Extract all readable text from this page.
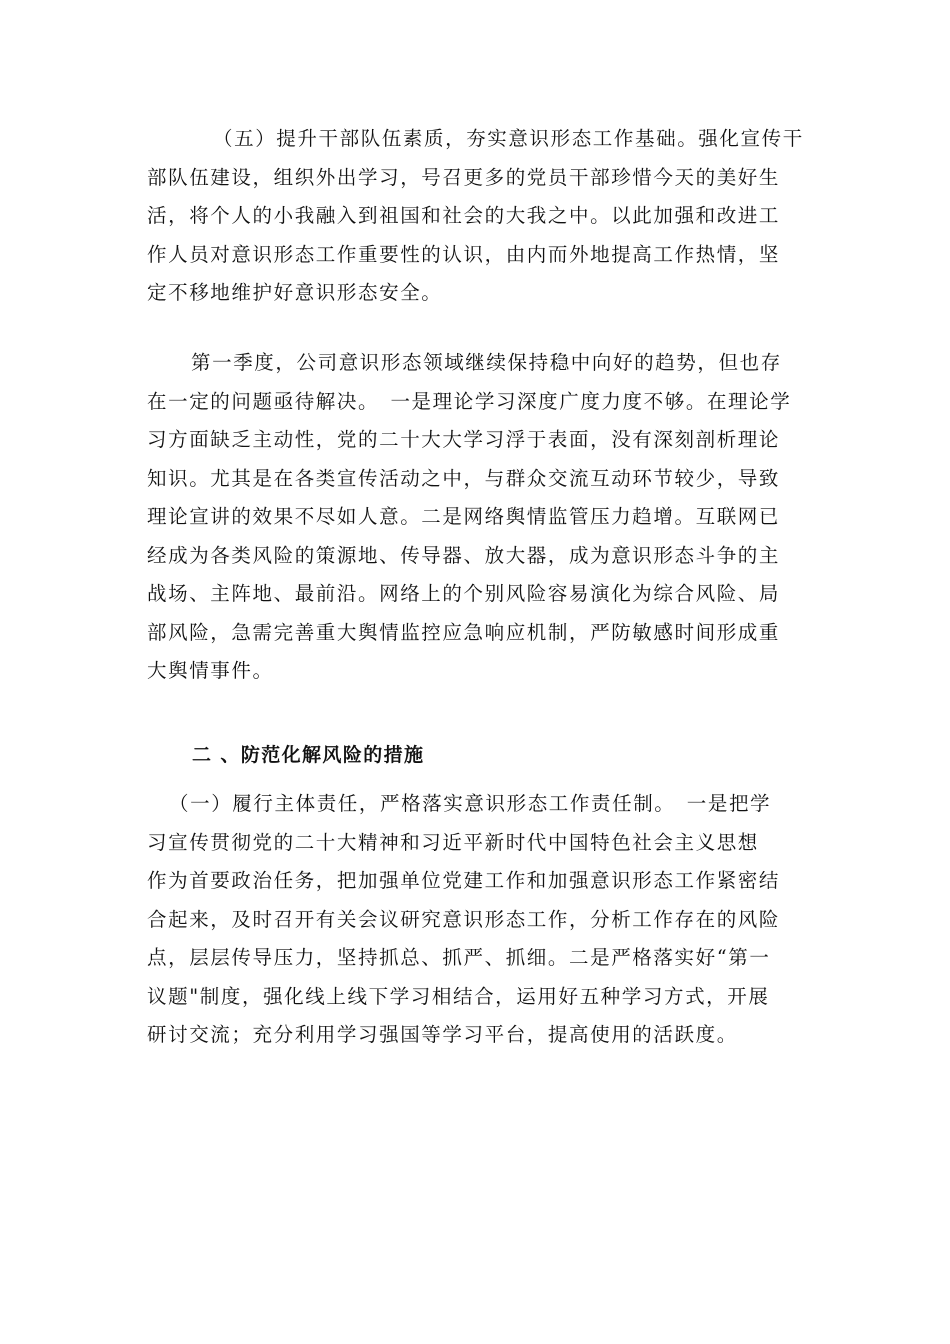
（五）提升干部队伍素质，夯实意识形态工作基础。强化宣传干
部队伍建设，组织外出学习，号召更多的党员干部珍惜今天的美好生
活，将个人的小我融入到祖国和社会的大我之中。以此加强和改进工
作人员对意识形态工作重要性的认识，由内而外地提高工作热情，坚
定不移地维护好意识形态安全。
第一季度，公司意识形态领域继续保持稳中向好的趋势，但也存
在一定的问题亟待解决。　一是理论学习深度广度力度不够。在理论学
习方面缺乏主动性，党的二十大大学习浮于表面，没有深刻剖析理论
知识。尤其是在各类宣传活动之中，与群众交流互动环节较少，导致
理论宣讲的效果不尽如人意。二是网络舆情监管压力趋增。互联网已
经成为各类风险的策源地、传导器、放大器，成为意识形态斗争的主
战场、主阵地、最前沿。网络上的个别风险容易演化为综合风险、局
部风险，急需完善重大舆情监控应急响应机制，严防敏感时间形成重
大舆情事件。
二 、防范化解风险的措施
（一）履行主体责任，严格落实意识形态工作责任制。　一是把学
习宣传贯彻党的二十大精神和习近平新时代中国特色社会主义思想
作为首要政治任务，把加强单位党建工作和加强意识形态工作紧密结
合起来，及时召开有关会议研究意识形态工作，分析工作存在的风险
点，层层传导压力，坚持抓总、抓严、抓细。二是严格落实好“第一
议题"制度，强化线上线下学习相结合，运用好五种学习方式，开展
研讨交流；充分利用学习强国等学习平台，提高使用的活跃度。
